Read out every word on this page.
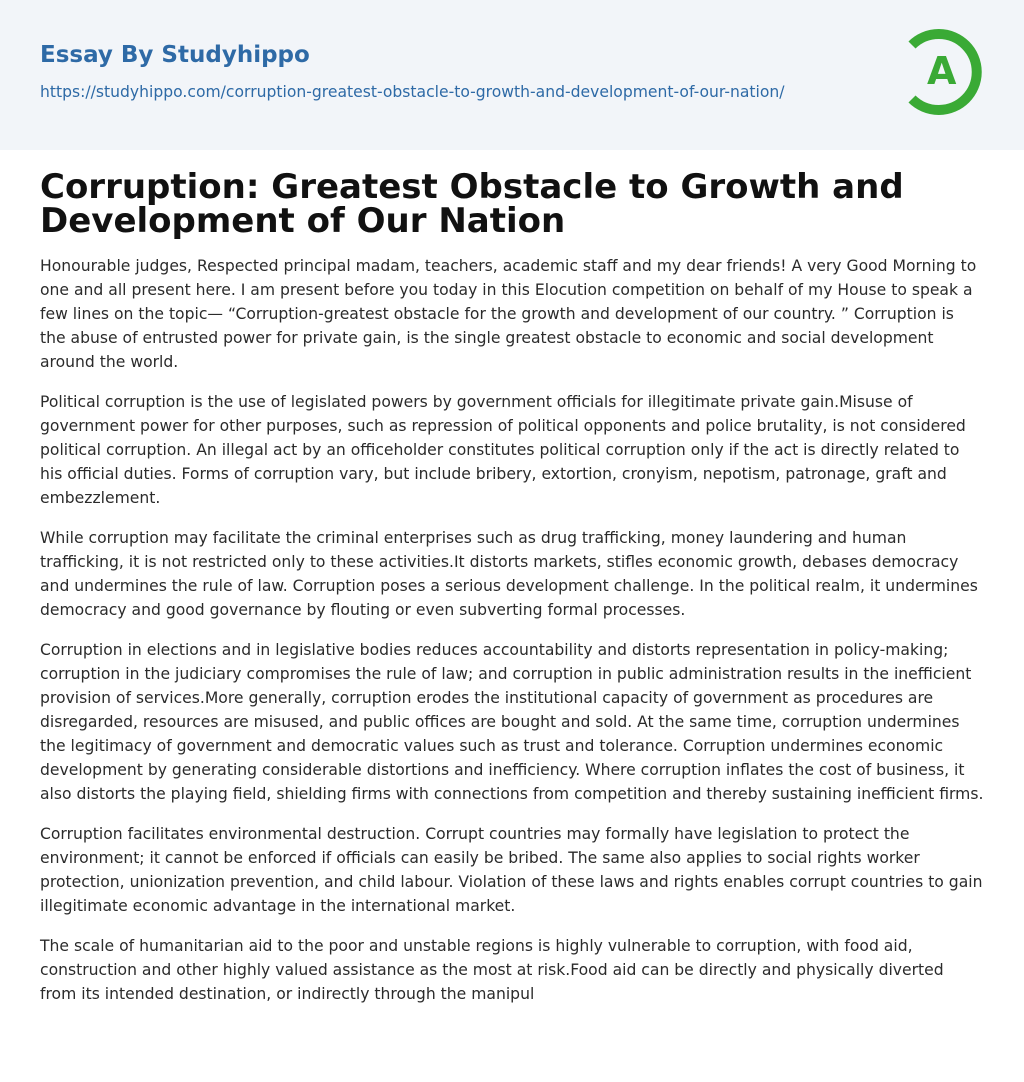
Essay By Studyhippo
https://studyhippo.com/corruption-greatest-obstacle-to-growth-and-development-of-our-nation/	A
Corruption: Greatest Obstacle to Growth and Development of Our Nation

Honourable judges, Respected principal madam, teachers, academic staff and my dear friends! A very Good Morning to one and all present here. I am present before you today in this Elocution competition on behalf of my House to speak a few lines on the topic— “Corruption-greatest obstacle for the growth and development of our country. ” Corruption is the abuse of entrusted power for private gain, is the single greatest obstacle to economic and social development around the world.

Political corruption is the use of legislated powers by government officials for illegitimate private gain.Misuse of government power for other purposes, such as repression of political opponents and police brutality, is not considered political corruption. An illegal act by an officeholder constitutes political corruption only if the act is directly related to his official duties. Forms of corruption vary, but include bribery, extortion, cronyism, nepotism, patronage, graft and embezzlement.

While corruption may facilitate the criminal enterprises such as drug trafficking, money laundering and human trafficking, it is not restricted only to these activities.It distorts markets, stifles economic growth, debases democracy and undermines the rule of law. Corruption poses a serious development challenge. In the political realm, it undermines democracy and good governance by flouting or even subverting formal processes.

Corruption in elections and in legislative bodies reduces accountability and distorts representation in policy-making; corruption in the judiciary compromises the rule of law; and corruption in public administration results in the inefficient provision of services.More generally, corruption erodes the institutional capacity of government as procedures are disregarded, resources are misused, and public offices are bought and sold. At the same time, corruption undermines the legitimacy of government and democratic values such as trust and tolerance. Corruption undermines economic development by generating considerable distortions and inefficiency. Where corruption inflates the cost of business, it also distorts the playing field, shielding firms with connections from competition and thereby sustaining inefficient firms.

Corruption facilitates environmental destruction. Corrupt countries may formally have legislation to protect the environment; it cannot be enforced if officials can easily be bribed. The same also applies to social rights worker protection, unionization prevention, and child labour. Violation of these laws and rights enables corrupt countries to gain illegitimate economic advantage in the international market.

The scale of humanitarian aid to the poor and unstable regions is highly vulnerable to corruption, with food aid, construction and other highly valued assistance as the most at risk.Food aid can be directly and physically diverted from its intended destination, or indirectly through the manipul
